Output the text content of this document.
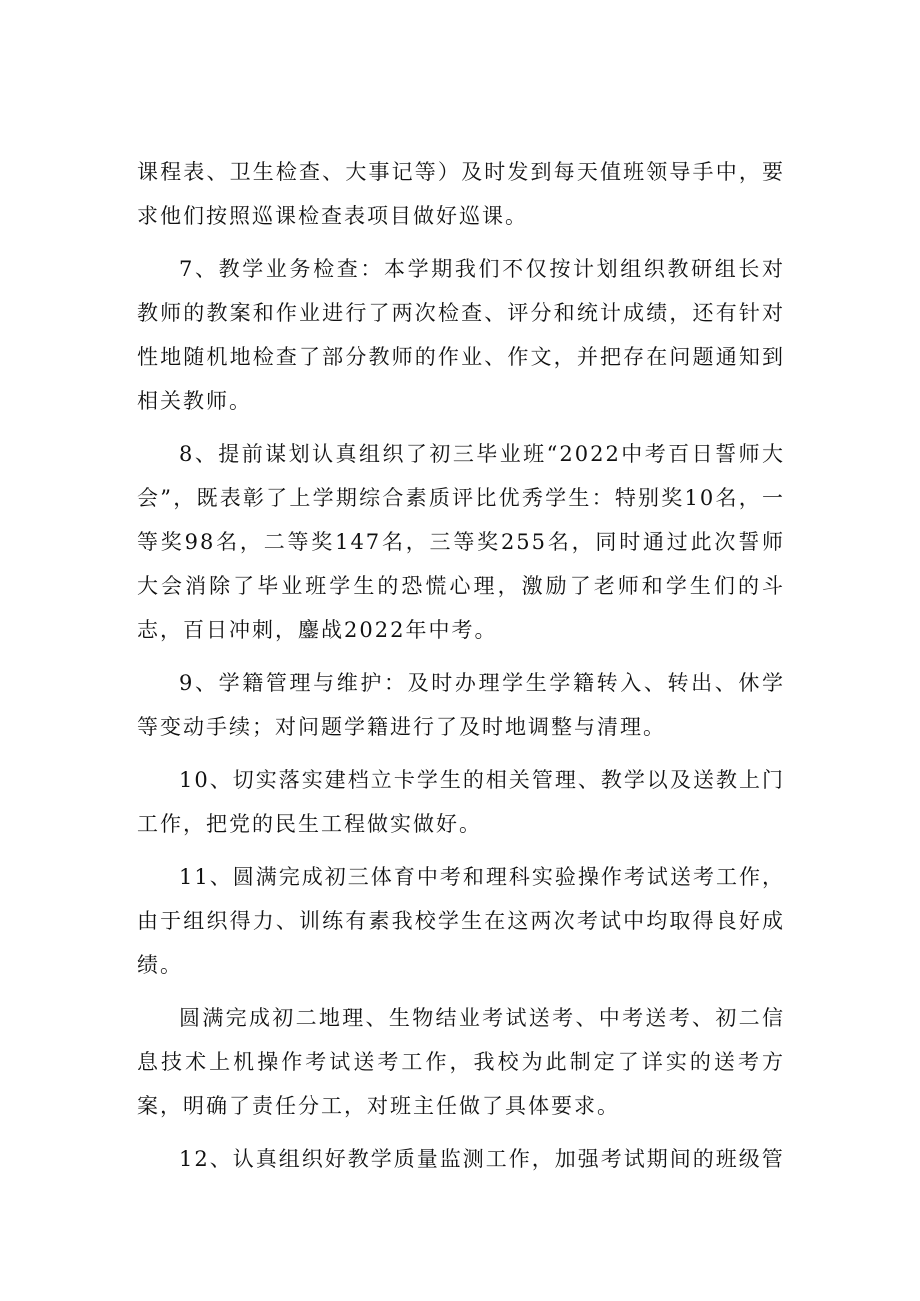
课程表、卫生检查、大事记等）及时发到每天值班领导手中，要求他们按照巡课检查表项目做好巡课。

7、教学业务检查：本学期我们不仅按计划组织教研组长对教师的教案和作业进行了两次检查、评分和统计成绩，还有针对性地随机地检查了部分教师的作业、作文，并把存在问题通知到相关教师。

8、提前谋划认真组织了初三毕业班“2022中考百日誓师大会”，既表彰了上学期综合素质评比优秀学生：特别奖10名，一等奖98名，二等奖147名，三等奖255名，同时通过此次誓师大会消除了毕业班学生的恐慌心理，激励了老师和学生们的斗志，百日冲刺，鏖战2022年中考。

9、学籍管理与维护：及时办理学生学籍转入、转出、休学等变动手续；对问题学籍进行了及时地调整与清理。

10、切实落实建档立卡学生的相关管理、教学以及送教上门工作，把党的民生工程做实做好。

11、圆满完成初三体育中考和理科实验操作考试送考工作，由于组织得力、训练有素我校学生在这两次考试中均取得良好成绩。

圆满完成初二地理、生物结业考试送考、中考送考、初二信息技术上机操作考试送考工作，我校为此制定了详实的送考方案，明确了责任分工，对班主任做了具体要求。

12、认真组织好教学质量监测工作，加强考试期间的班级管
